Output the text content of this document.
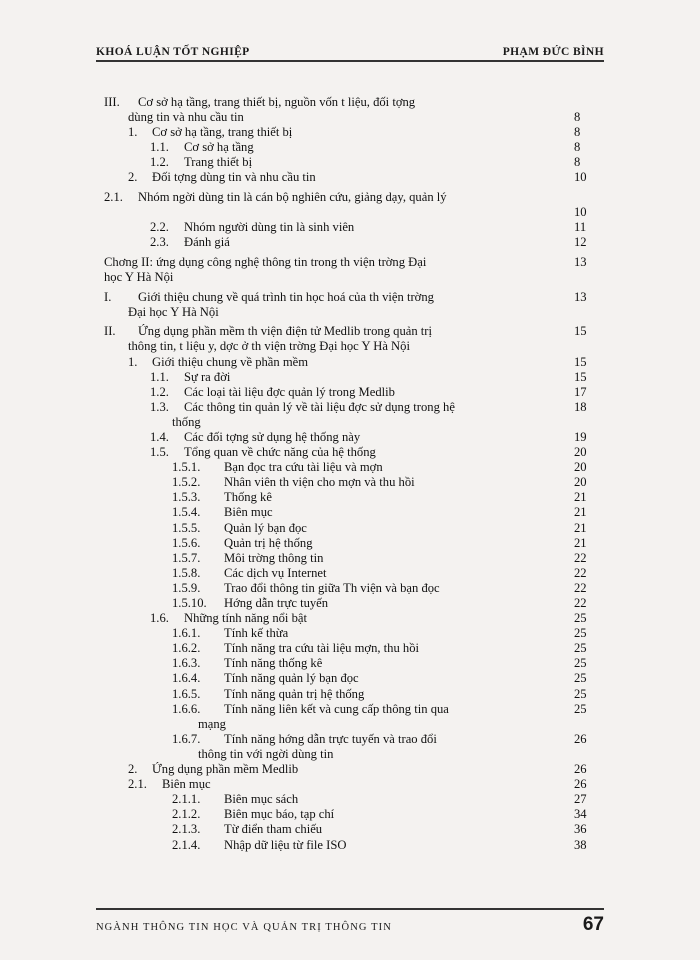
KHOÁ LUẬN TỐT NGHIỆP	PHẠM ĐỨC BÌNH
III.	Cơ sở hạ tầng, trang thiết bị, nguồn vốn t liệu, đối tợng
dùng tin và nhu cầu tin	8
1.	Cơ sở hạ tầng, trang thiết bị	8
1.1.	Cơ sở hạ tầng	8
1.2.	Trang thiết bị	8
2.	Đối tợng dùng tin và nhu cầu tin	10
2.1.	Nhóm ngời dùng tin là cán bộ nghiên cứu, giảng dạy, quản lý
10
2.2.	Nhóm người dùng tin là sinh viên	11
2.3.	Đánh giá	12
Chơng II: ứng dụng công nghệ thông tin trong th viện trờng Đại	13
học Y Hà Nội
I.	Giới thiệu chung về quá trình tin học hoá của th viện trờng	13
Đại học Y Hà Nội
II.	Ứng dụng phần mềm th viện điện tử Medlib trong quản trị	15
thông tin, t liệu y, dợc ở th viện trờng Đại học Y Hà Nội
1.	Giới thiệu chung về phần mềm	15
1.1.	Sự ra đời	15
1.2.	Các loại tài liệu đợc quản lý trong Medlib	17
1.3.	Các thông tin quản lý về tài liệu đợc sử dụng trong hệ	18
thống
1.4.	Các đối tợng sử dụng hệ thống này	19
1.5.	Tổng quan về chức năng của hệ thống	20
1.5.1.	Bạn đọc tra cứu tài liệu và mợn	20
1.5.2.	Nhân viên th viện cho mợn và thu hồi	20
1.5.3.	Thống kê	21
1.5.4.	Biên mục	21
1.5.5.	Quản lý bạn đọc	21
1.5.6.	Quản trị hệ thống	21
1.5.7.	Môi trờng thông tin	22
1.5.8.	Các dịch vụ Internet	22
1.5.9.	Trao đổi thông tin giữa Th viện và bạn đọc	22
1.5.10.	Hớng dẫn trực tuyến	22
1.6.	Những tính năng nổi bật	25
1.6.1.	Tính kế thừa	25
1.6.2.	Tính năng tra cứu tài liệu mợn, thu hồi	25
1.6.3.	Tính năng thống kê	25
1.6.4.	Tính năng quản lý bạn đọc	25
1.6.5.	Tính năng quản trị hệ thống	25
1.6.6.	Tính năng liên kết và cung cấp thông tin qua	25
mạng
1.6.7.	Tính năng hớng dẫn trực tuyến và trao đổi	26
thông tin với ngời dùng tin
2.	Ứng dụng phần mềm Medlib	26
2.1.	Biên mục	26
2.1.1.	Biên mục sách	27
2.1.2.	Biên mục báo, tạp chí	34
2.1.3.	Từ điển tham chiếu	36
2.1.4.	Nhập dữ liệu từ file ISO	38
NGÀNH THÔNG TIN HỌC VÀ QUẢN TRỊ THÔNG TIN	67
